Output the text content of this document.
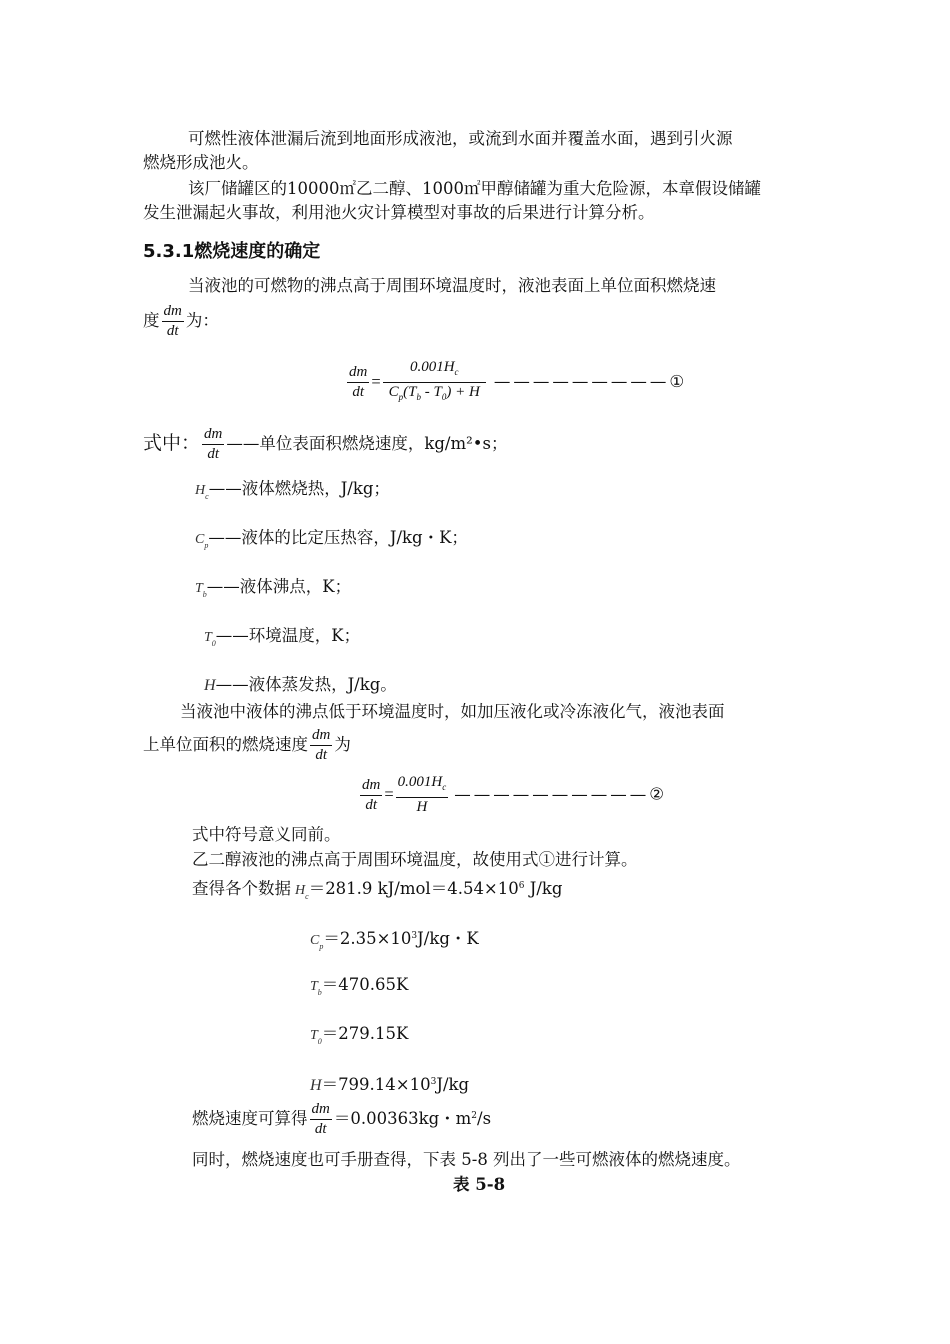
可燃性液体泄漏后流到地面形成液池，或流到水面并覆盖水面，遇到引火源
燃烧形成池火。
该厂储罐区的10000㎡乙二醇、1000㎡甲醇储罐为重大危险源，本章假设储罐
发生泄漏起火事故，利用池火灾计算模型对事故的后果进行计算分析。
5.3.1燃烧速度的确定
当液池的可燃物的沸点高于周围环境温度时，液池表面上单位面积燃烧速
度 $\frac{dm}{dt}$ 为：
$\frac{dm}{dt} = \frac{0.001H_c}{C_p(T_b - T_0) + H}$ —————————①
式中： $\frac{dm}{dt}$ ——单位表面积燃烧速度，kg/m²•s；
$H_c——$液体燃烧热，J/kg；
$C_p——$液体的比定压热容，J/kg・K；
$T_b——$液体沸点，K；
$T_0——$环境温度，K；
H——液体蒸发热，J/kg。
当液池中液体的沸点低于环境温度时，如加压液化或冷冻液化气，液池表面
上单位面积的燃烧速度 $\frac{dm}{dt}$ 为
$\frac{dm}{dt} = \frac{0.001H_c}{H}$ ——————————②
式中符号意义同前。
乙二醇液池的沸点高于周围环境温度，故使用式①进行计算。
查得各个数据 $H_c=281.9$ $kJ/mol=4.54\times 10^6$ J/kg
$C_p=2.35\times 10^3J/kg$・K
$T_b=470.65K$
$T_0=279.15K$
$H=799.14\times 10^3J/kg$
燃烧速度可算得 $\frac{dm}{dt} =0.00363kg$・$m^2/s$
同时，燃烧速度也可手册查得，下表 5-8 列出了一些可燃液体的燃烧速度。
表 5-8
